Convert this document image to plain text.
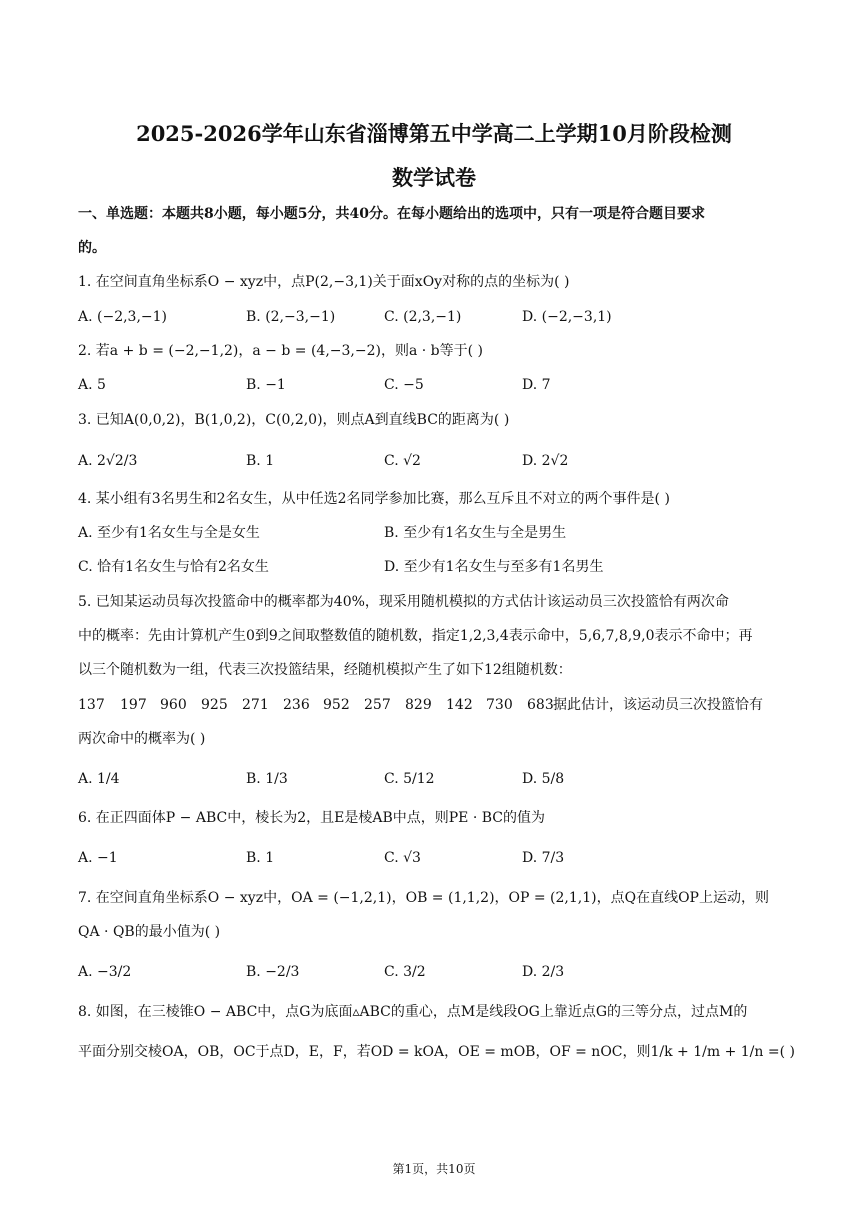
2025-2026学年山东省淄博第五中学高二上学期10月阶段检测
数学试卷
一、单选题：本题共8小题，每小题5分，共40分。在每小题给出的选项中，只有一项是符合题目要求
的。
1. 在空间直角坐标系O − xyz中，点P(2,−3,1)关于面xOy对称的点的坐标为( )
A. (−2,3,−1)	B. (2,−3,−1)	C. (2,3,−1)	D. (−2,−3,1)
2. 若a + b = (−2,−1,2)，a − b = (4,−3,−2)，则a · b等于( )
A. 5	B. −1	C. −5	D. 7
3. 已知A(0,0,2)，B(1,0,2)，C(0,2,0)，则点A到直线BC的距离为( )
A. 2√2/3	B. 1	C. √2	D. 2√2
4. 某小组有3名男生和2名女生，从中任选2名同学参加比赛，那么互斥且不对立的两个事件是( )
A. 至少有1名女生与全是女生	B. 至少有1名女生与全是男生
C. 恰有1名女生与恰有2名女生	D. 至少有1名女生与至多有1名男生
5. 已知某运动员每次投篮命中的概率都为40%，现采用随机模拟的方式估计该运动员三次投篮恰有两次命
中的概率：先由计算机产生0到9之间取整数值的随机数，指定1,2,3,4表示命中，5,6,7,8,9,0表示不命中；再
以三个随机数为一组，代表三次投篮结果，经随机模拟产生了如下12组随机数：
137 197 960 925 271 236 952 257 829 142 730 683 据此估计，该运动员三次投篮恰有
两次命中的概率为( )
A. 1/4	B. 1/3	C. 5/12	D. 5/8
6. 在正四面体P − ABC中，棱长为2，且E是棱AB中点，则PE · BC的值为
A. −1	B. 1	C. √3	D. 7/3
7. 在空间直角坐标系O − xyz中，OA = (−1,2,1)，OB = (1,1,2)，OP = (2,1,1)，点Q在直线OP上运动，则
QA · QB的最小值为( )
A. −3/2	B. −2/3	C. 3/2	D. 2/3
8. 如图，在三棱锥O − ABC中，点G为底面▵ABC的重心，点M是线段OG上靠近点G的三等分点，过点M的
平面分别交棱OA，OB，OC于点D，E，F，若OD = kOA，OE = mOB，OF = nOC，则1/k + 1/m + 1/n =( )
第1页，共10页
